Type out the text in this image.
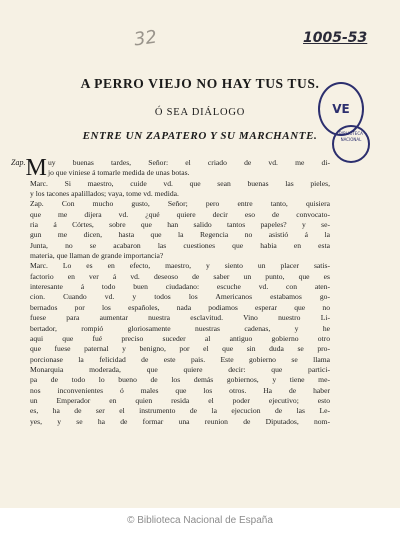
32	1005-53
VE
BIBLIOTECA NACIONAL
A PERRO VIEJO NO HAY TUS TUS.
Ó SEA DIÁLOGO
ENTRE UN ZAPATERO Y SU MARCHANTE.
$^{Zap.}$M uy buenas tardes, Señor: el criado de vd. me di-
jo que viniese á tomarle medida de unas botas.
Marc. Si maestro, cuide vd. que sean buenas las pieles,
y los tacones apalillados; vaya, tome vd. medida.
Zap. Con mucho gusto, Señor; pero entre tanto, quisiera
que me dijera vd. ¿qué quiere decir eso de convocato-
ria á Córtes, sobre que han salido tantos papeles? y se-
gun me dicen, hasta que la Regencia no asistió á la
Junta, no se acabaron las cuestiones que habia en esta
materia, que llaman de grande importancia?
Marc. Lo es en efecto, maestro, y siento un placer satis-
factorio en ver á vd. deseoso de saber un punto, que es
interesante á todo buen ciudadano: escuche vd. con aten-
cion. Cuando vd. y todos los Americanos estabamos go-
bernados por los españoles, nada podiamos esperar que no
fuese para aumentar nuestra esclavitud. Vino nuestro Li-
bertador, rompió gloriosamente nuestras cadenas, y he
aqui que fué preciso suceder al antiguo gobierno otro
que fuese paternal y benigno, por el que sin duda se pro-
porcionase la felicidad de este pais. Este gobierno se llama
Monarquia moderada, que quiere decir: que partici-
pa de todo lo bueno de los demás gobiernos, y tiene me-
nos inconvenientes ó males que los otros. Ha de haber
un Emperador en quien resida el poder ejecutivo; esto
es, ha de ser el instrumento de la ejecucion de las Le-
yes, y se ha de formar una reunion de Diputados, nom-
© Biblioteca Nacional de España
